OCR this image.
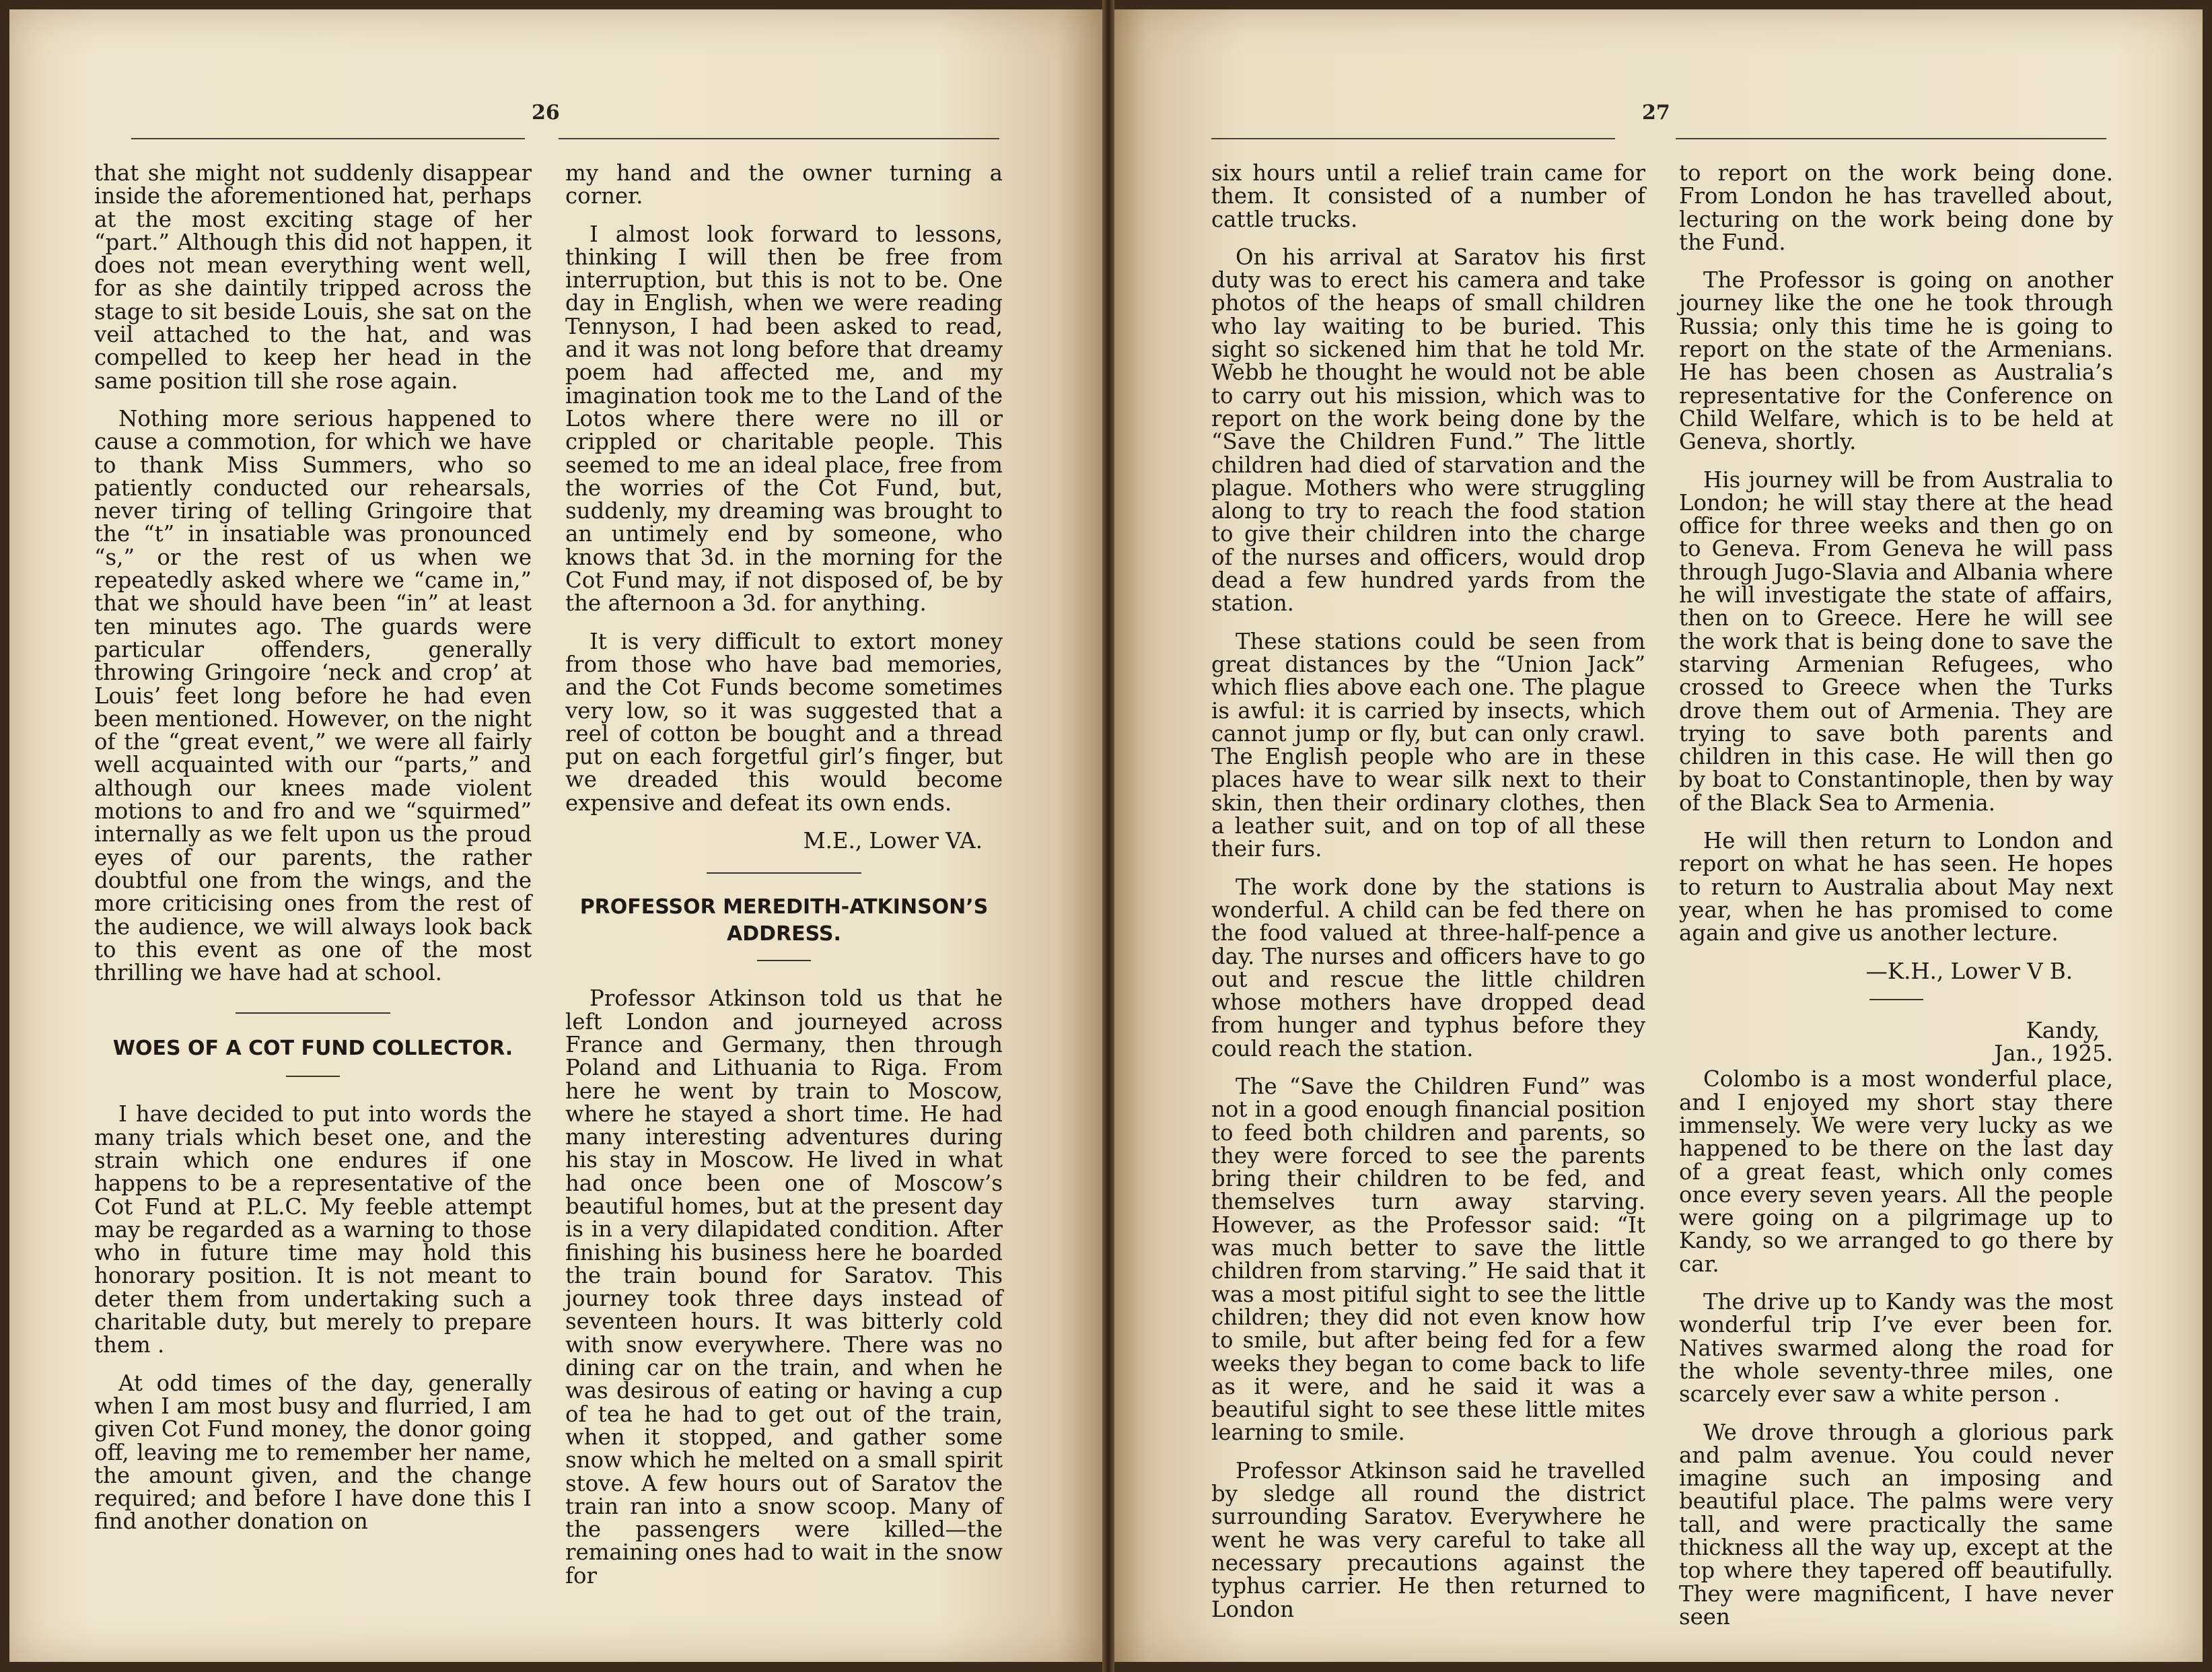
26

that she might not suddenly disappear inside the aforementioned hat, perhaps at the most exciting stage of her “part.” Although this did not happen, it does not mean everything went well, for as she daintily tripped across the stage to sit beside Louis, she sat on the veil attached to the hat, and was compelled to keep her head in the same position till she rose again.

Nothing more serious happened to cause a commotion, for which we have to thank Miss Summers, who so patiently conducted our rehearsals, never tiring of telling Gringoire that the “t” in insatiable was pronounced “s,” or the rest of us when we repeatedly asked where we “came in,” that we should have been “in” at least ten minutes ago. The guards were particular offenders, generally throwing Gringoire ‘neck and crop’ at Louis’ feet long before he had even been mentioned. However, on the night of the “great event,” we were all fairly well acquainted with our “parts,” and although our knees made violent motions to and fro and we “squirmed” internally as we felt upon us the proud eyes of our parents, the rather doubtful one from the wings, and the more criticising ones from the rest of the audience, we will always look back to this event as one of the most thrilling we have had at school.

WOES OF A COT FUND COLLECTOR.

I have decided to put into words the many trials which beset one, and the strain which one endures if one happens to be a representative of the Cot Fund at P.L.C. My feeble attempt may be regarded as a warning to those who in future time may hold this honorary position. It is not meant to deter them from undertaking such a charitable duty, but merely to prepare them .

At odd times of the day, generally when I am most busy and flurried, I am given Cot Fund money, the donor going off, leaving me to remember her name, the amount given, and the change required; and before I have done this I find another donation on

my hand and the owner turning a corner.

I almost look forward to lessons, thinking I will then be free from interruption, but this is not to be. One day in English, when we were reading Tennyson, I had been asked to read, and it was not long before that dreamy poem had affected me, and my imagination took me to the Land of the Lotos where there were no ill or crippled or charitable people. This seemed to me an ideal place, free from the worries of the Cot Fund, but, suddenly, my dreaming was brought to an untimely end by someone, who knows that 3d. in the morning for the Cot Fund may, if not disposed of, be by the afternoon a 3d. for anything.

It is very difficult to extort money from those who have bad memories, and the Cot Funds become sometimes very low, so it was suggested that a reel of cotton be bought and a thread put on each forgetful girl’s finger, but we dreaded this would become expensive and defeat its own ends.

M.E., Lower VA.

PROFESSOR MEREDITH-ATKINSON’S ADDRESS.

Professor Atkinson told us that he left London and journeyed across France and Germany, then through Poland and Lithuania to Riga. From here he went by train to Moscow, where he stayed a short time. He had many interesting adventures during his stay in Moscow. He lived in what had once been one of Moscow’s beautiful homes, but at the present day is in a very dilapidated condition. After finishing his business here he boarded the train bound for Saratov. This journey took three days instead of seventeen hours. It was bitterly cold with snow everywhere. There was no dining car on the train, and when he was desirous of eating or having a cup of tea he had to get out of the train, when it stopped, and gather some snow which he melted on a small spirit stove. A few hours out of Saratov the train ran into a snow scoop. Many of the passengers were killed—the remaining ones had to wait in the snow for

27

six hours until a relief train came for them. It consisted of a number of cattle trucks.

On his arrival at Saratov his first duty was to erect his camera and take photos of the heaps of small children who lay waiting to be buried. This sight so sickened him that he told Mr. Webb he thought he would not be able to carry out his mission, which was to report on the work being done by the “Save the Children Fund.” The little children had died of starvation and the plague. Mothers who were struggling along to try to reach the food station to give their children into the charge of the nurses and officers, would drop dead a few hundred yards from the station.

These stations could be seen from great distances by the “Union Jack” which flies above each one. The plague is awful: it is carried by insects, which cannot jump or fly, but can only crawl. The English people who are in these places have to wear silk next to their skin, then their ordinary clothes, then a leather suit, and on top of all these their furs.

The work done by the stations is wonderful. A child can be fed there on the food valued at three-half-pence a day. The nurses and officers have to go out and rescue the little children whose mothers have dropped dead from hunger and typhus before they could reach the station.

The “Save the Children Fund” was not in a good enough financial position to feed both children and parents, so they were forced to see the parents bring their children to be fed, and themselves turn away starving. However, as the Professor said: “It was much better to save the little children from starving.” He said that it was a most pitiful sight to see the little children; they did not even know how to smile, but after being fed for a few weeks they began to come back to life as it were, and he said it was a beautiful sight to see these little mites learning to smile.

Professor Atkinson said he travelled by sledge all round the district surrounding Saratov. Everywhere he went he was very careful to take all necessary precautions against the typhus carrier. He then returned to London

to report on the work being done. From London he has travelled about, lecturing on the work being done by the Fund.

The Professor is going on another journey like the one he took through Russia; only this time he is going to report on the state of the Armenians. He has been chosen as Australia’s representative for the Conference on Child Welfare, which is to be held at Geneva, shortly.

His journey will be from Australia to London; he will stay there at the head office for three weeks and then go on to Geneva. From Geneva he will pass through Jugo-Slavia and Albania where he will investigate the state of affairs, then on to Greece. Here he will see the work that is being done to save the starving Armenian Refugees, who crossed to Greece when the Turks drove them out of Armenia. They are trying to save both parents and children in this case. He will then go by boat to Constantinople, then by way of the Black Sea to Armenia.

He will then return to London and report on what he has seen. He hopes to return to Australia about May next year, when he has promised to come again and give us another lecture.

—K.H., Lower V B.

Kandy,

Jan., 1925.

Colombo is a most wonderful place, and I enjoyed my short stay there immensely. We were very lucky as we happened to be there on the last day of a great feast, which only comes once every seven years. All the people were going on a pilgrimage up to Kandy, so we arranged to go there by car.

The drive up to Kandy was the most wonderful trip I’ve ever been for. Natives swarmed along the road for the whole seventy-three miles, one scarcely ever saw a white person .

We drove through a glorious park and palm avenue. You could never imagine such an imposing and beautiful place. The palms were very tall, and were practically the same thickness all the way up, except at the top where they tapered off beautifully. They were magnificent, I have never seen
